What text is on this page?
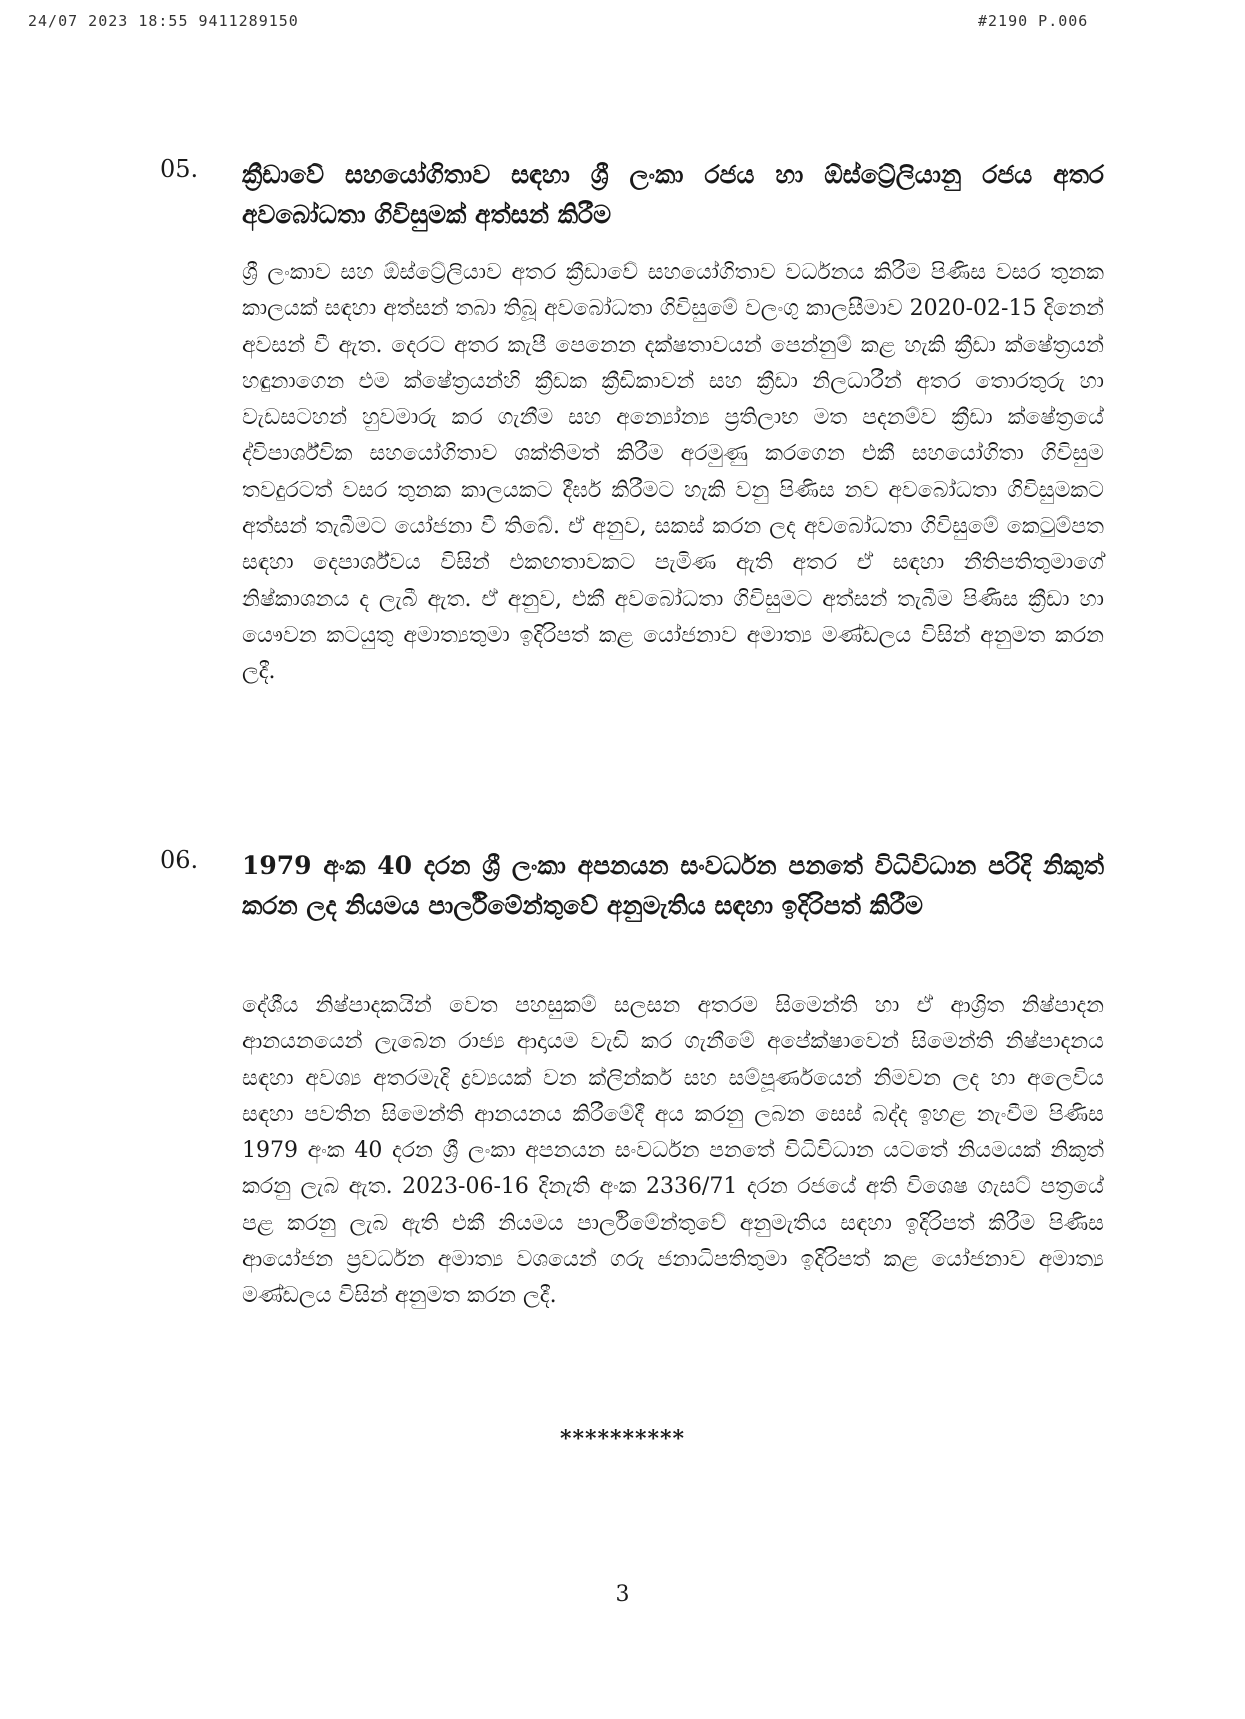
24/07 2023 18:55 9411289150	#2190 P.006
05. ක්‍රීඩාවේ සහයෝගිතාව සඳහා ශ්‍රී ලංකා රජය හා ඕස්ට්‍රේලියානු රජය අතර අවබෝධතා ගිවිසුමක් අත්සන් කිරීම
ශ්‍රී ලංකාව සහ ඕස්ට්‍රේලියාව අතර ක්‍රීඩාවේ සහයෝගිතාව වර්ධනය කිරීම පිණිස වසර තුනක කාලයක් සඳහා අත්සන් තබා තිබූ අවබෝධතා ගිවිසුමේ වලංගු කාලසීමාව 2020-02-15 දිනෙන් අවසන් වී ඇත. දෙරට අතර කැපී පෙනෙන දක්ෂතාවයන් පෙන්නුම් කළ හැකි ක්‍රීඩා ක්ෂේත්‍රයන් හඳුනාගෙන එම ක්ෂේත්‍රයන්හි ක්‍රීඩක ක්‍රීඩිකාවන් සහ ක්‍රීඩා නිලධාරීන් අතර තොරතුරු හා වැඩසටහන් හුවමාරු කර ගැනීම සහ අන්‍යෝන්‍ය ප්‍රතිලාභ මත පදනම්ව ක්‍රීඩා ක්ෂේත්‍රයේ ද්විපාර්ශ්වික සහයෝගිතාව ශක්තිමත් කිරීම අරමුණු කරගෙන එකී සහයෝගිතා ගිවිසුම තවදුරටත් වසර තුනක කාලයකට දීර්ඝ කිරීමට හැකි වනු පිණිස නව අවබෝධතා ගිවිසුමකට අත්සන් තැබීමට යෝජනා වී තිබේ. ඒ අනුව, සකස් කරන ලද අවබෝධතා ගිවිසුමේ කෙටුම්පත සඳහා දෙපාර්ශ්වය විසින් එකඟතාවකට පැමිණ ඇති අතර ඒ සඳහා නීතිපතිතුමාගේ නිෂ්කාශනය ද ලැබී ඇත. ඒ අනුව, එකී අවබෝධතා ගිවිසුමට අත්සන් තැබීම පිණිස ක්‍රීඩා හා යෞවන කටයුතු අමාත්‍යතුමා ඉදිරිපත් කළ යෝජනාව අමාත්‍ය මණ්ඩලය විසින් අනුමත කරන ලදී.
06. 1979 අංක 40 දරන ශ්‍රී ලංකා අපනයන සංවර්ධන පනතේ විධිවිධාන පරිදි නිකුත් කරන ලද නියමය පාර්ලිමේන්තුවේ අනුමැතිය සඳහා ඉදිරිපත් කිරීම
දේශීය නිෂ්පාදකයින් වෙත පහසුකම් සලසන අතරම සිමෙන්ති හා ඒ ආශ්‍රිත නිෂ්පාදන ආනයනයෙන් ලැබෙන රාජ්‍ය ආදායම වැඩි කර ගැනීමේ අපේක්ෂාවෙන් සිමෙන්ති නිෂ්පාදනය සඳහා අවශ්‍ය අතරමැදි ද්‍රව්‍යයක් වන ක්ලින්කර් සහ සම්පූර්ණයෙන් නිමවන ලද හා අලෙවිය සඳහා පවතින සිමෙන්ති ආනයනය කිරීමේදී අය කරනු ලබන සෙස් බද්ද ඉහළ නැංවීම පිණිස 1979 අංක 40 දරන ශ්‍රී ලංකා අපනයන සංවර්ධන පනතේ විධිවිධාන යටතේ නියමයක් නිකුත් කරනු ලැබ ඇත. 2023-06-16 දිනැති අංක 2336/71 දරන රජයේ අති විශෙෂ ගැසට් පත්‍රයේ පළ කරනු ලැබ ඇති එකී නියමය පාර්ලිමේන්තුවේ අනුමැතිය සඳහා ඉදිරිපත් කිරීම පිණිස ආයෝජන ප්‍රවර්ධන අමාත්‍ය වශයෙන් ගරු ජනාධිපතිතුමා ඉදිරිපත් කළ යෝජනාව අමාත්‍ය මණ්ඩලය විසින් අනුමත කරන ලදී.
**********
3
